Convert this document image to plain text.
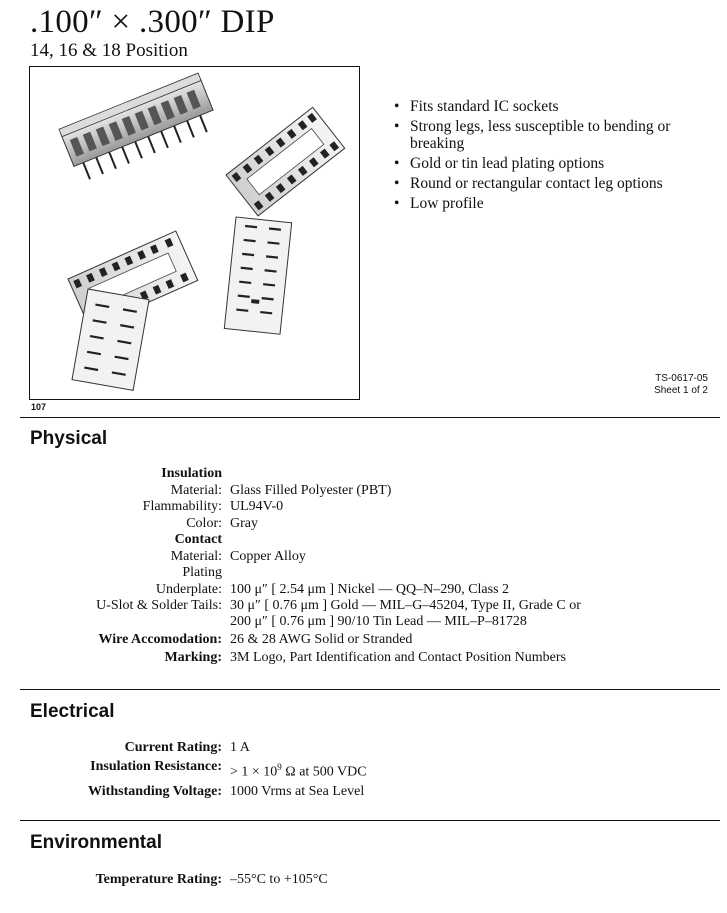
.100″ × .300″ DIP
14, 16 & 18 Position
107
• Fits standard IC sockets
• Strong legs, less susceptible to bending or breaking
• Gold or tin lead plating options
• Round or rectangular contact leg options
• Low profile
TS-0617-05
Sheet 1 of 2
Physical
Insulation
Material: Glass Filled Polyester (PBT)
Flammability: UL94V-0
Color: Gray
Contact
Material: Copper Alloy
Plating
Underplate: 100 μ″ [ 2.54 μm ] Nickel — QQ–N–290, Class 2
U-Slot & Solder Tails: 30 μ″ [ 0.76 μm ] Gold — MIL–G–45204, Type II, Grade C or
200 μ″ [ 0.76 μm ] 90/10 Tin Lead — MIL–P–81728
Wire Accomodation: 26 & 28 AWG Solid or Stranded
Marking: 3M Logo, Part Identification and Contact Position Numbers
Electrical
Current Rating: 1 A
Insulation Resistance: > $1 \times 10^9$ Ω at 500 VDC
Withstanding Voltage: 1000 Vrms at Sea Level
Environmental
Temperature Rating: –55°C to +105°C
